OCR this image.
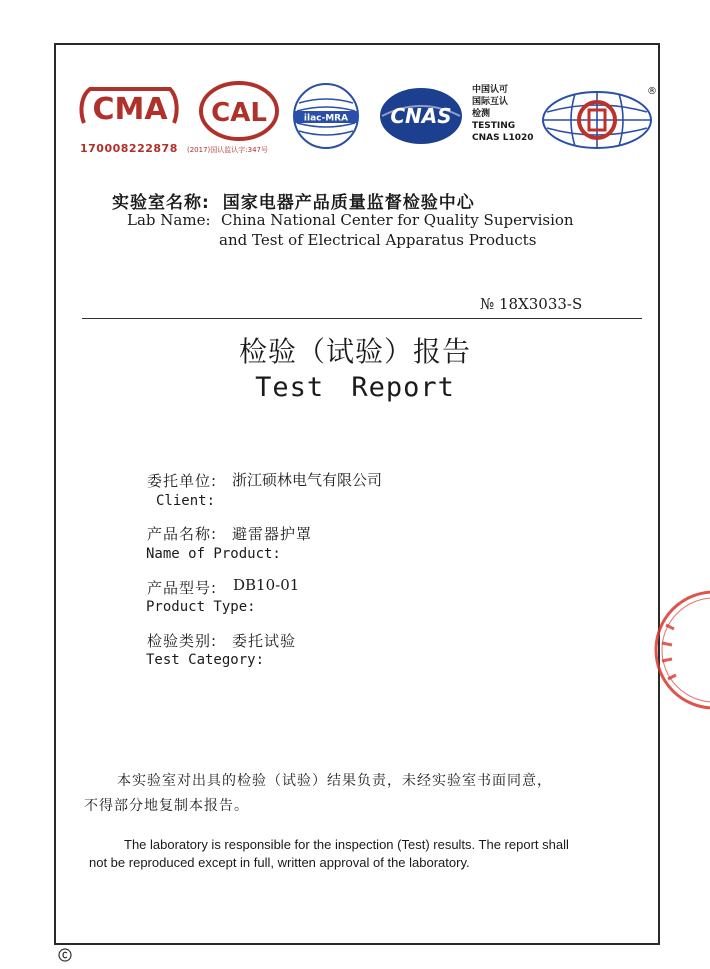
CMA
170008222878
CAL
(2017)国认监认字:347号
ilac-MRA CNAS
中国认可
国际互认
检测
TESTING
CNAS L1020
®
实验室名称: 国家电器产品质量监督检验中心
Lab Name: China National Center for Quality Supervision
and Test of Electrical Apparatus Products
№ 18X3033-S
检验（试验）报告
Test Report
委托单位: 浙江硕林电气有限公司
Client:
产品名称: 避雷器护罩
Name of Product:
产品型号: DB10-01
Product Type:
检验类别: 委托试验
Test Category:
本实验室对出具的检验（试验）结果负责，未经实验室书面同意，
不得部分地复制本报告。
The laboratory is responsible for the inspection (Test) results. The report shall
not be reproduced except in full, written approval of the laboratory.
